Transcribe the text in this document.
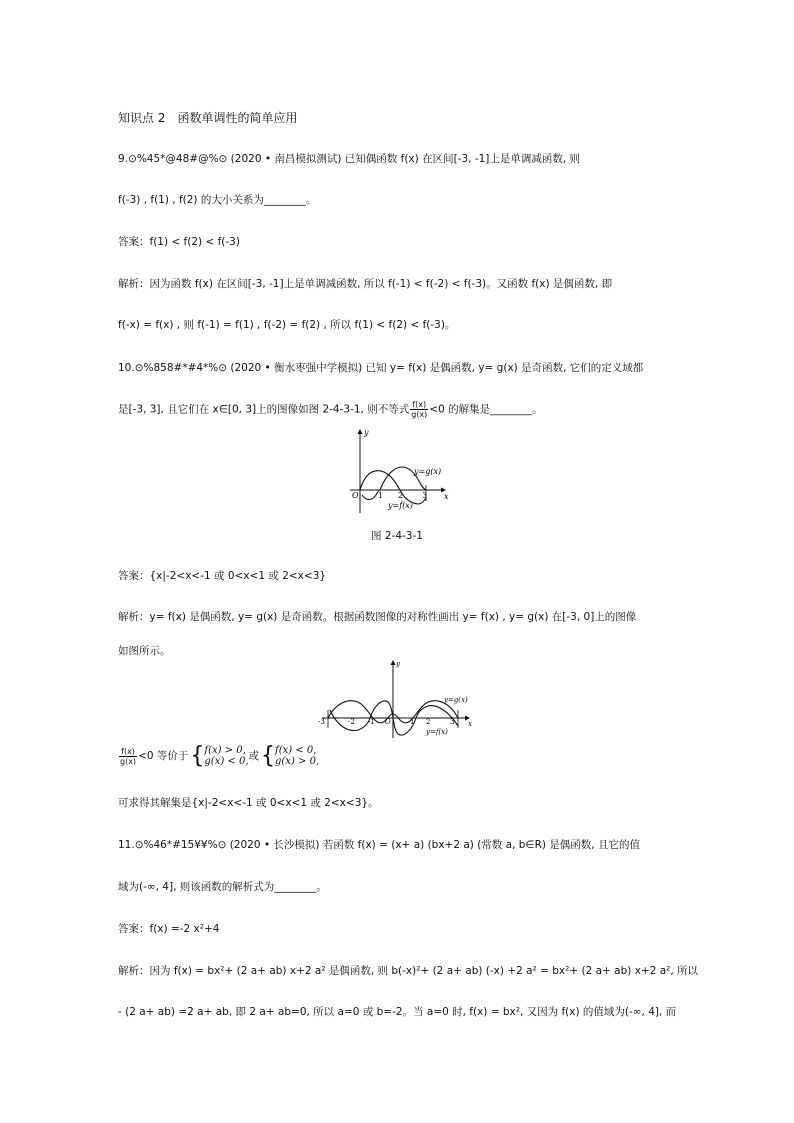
知识点 2　函数单调性的简单应用
9.⊙%45*@48#@%⊙ (2020 • 南昌模拟测试) 已知偶函数 f(x) 在区间[-3, -1]上是单调减函数, 则
f(-3) , f(1) , f(2) 的大小关系为________。
答案：f(1) < f(2) < f(-3)
解析：因为函数 f(x) 在区间[-3, -1]上是单调减函数, 所以 f(-1) < f(-2) < f(-3)。又函数 f(x) 是偶函数, 即
f(-x) = f(x) , 则 f(-1) = f(1) , f(-2) = f(2) , 所以 f(1) < f(2) < f(-3)。
10.⊙%858#*#4*%⊙ (2020 • 衡水枣强中学模拟) 已知 y= f(x) 是偶函数, y= g(x) 是奇函数, 它们的定义域都
是[-3, 3], 且它们在 x∈[0, 3]上的图像如图 2-4-3-1, 则不等式 $\frac{f(x)}{g(x)} <0$ 的解集是________。
y
x
O 1 2 3
y=g(x)
y=f(x)
图 2-4-3-1
答案：{x|-2<x<-1 或 0<x<1 或 2<x<3}
解析：y= f(x) 是偶函数, y= g(x) 是奇函数。根据函数图像的对称性画出 y= f(x) , y= g(x) 在[-3, 0]上的图像
如图所示。
y
x
-3	-2 -1 O	1 2	3
y=g(x)
y=f(x)
$\frac{f(x)}{g(x)} <0$ 等价于{ f(x) > 0,
g(x) < 0, 或{ f(x) < 0,
g(x) > 0,
可求得其解集是{x|-2<x<-1 或 0<x<1 或 2<x<3}。
11.⊙%46*#15¥¥%⊙ (2020 • 长沙模拟) 若函数 f(x) = (x+ a) (bx+2 a) (常数 a, b∈R) 是偶函数, 且它的值
域为(-∞, 4], 则该函数的解析式为________。
答案：f(x) =-2 x²+4
解析：因为 f(x) = bx²+ (2 a+ ab) x+2 a² 是偶函数, 则 b(-x)²+ (2 a+ ab) (-x) +2 a² = bx²+ (2 a+ ab) x+2 a², 所以
- (2 a+ ab) =2 a+ ab, 即 2 a+ ab=0, 所以 a=0 或 b=-2。当 a=0 时, f(x) = bx², 又因为 f(x) 的值域为(-∞, 4], 而
